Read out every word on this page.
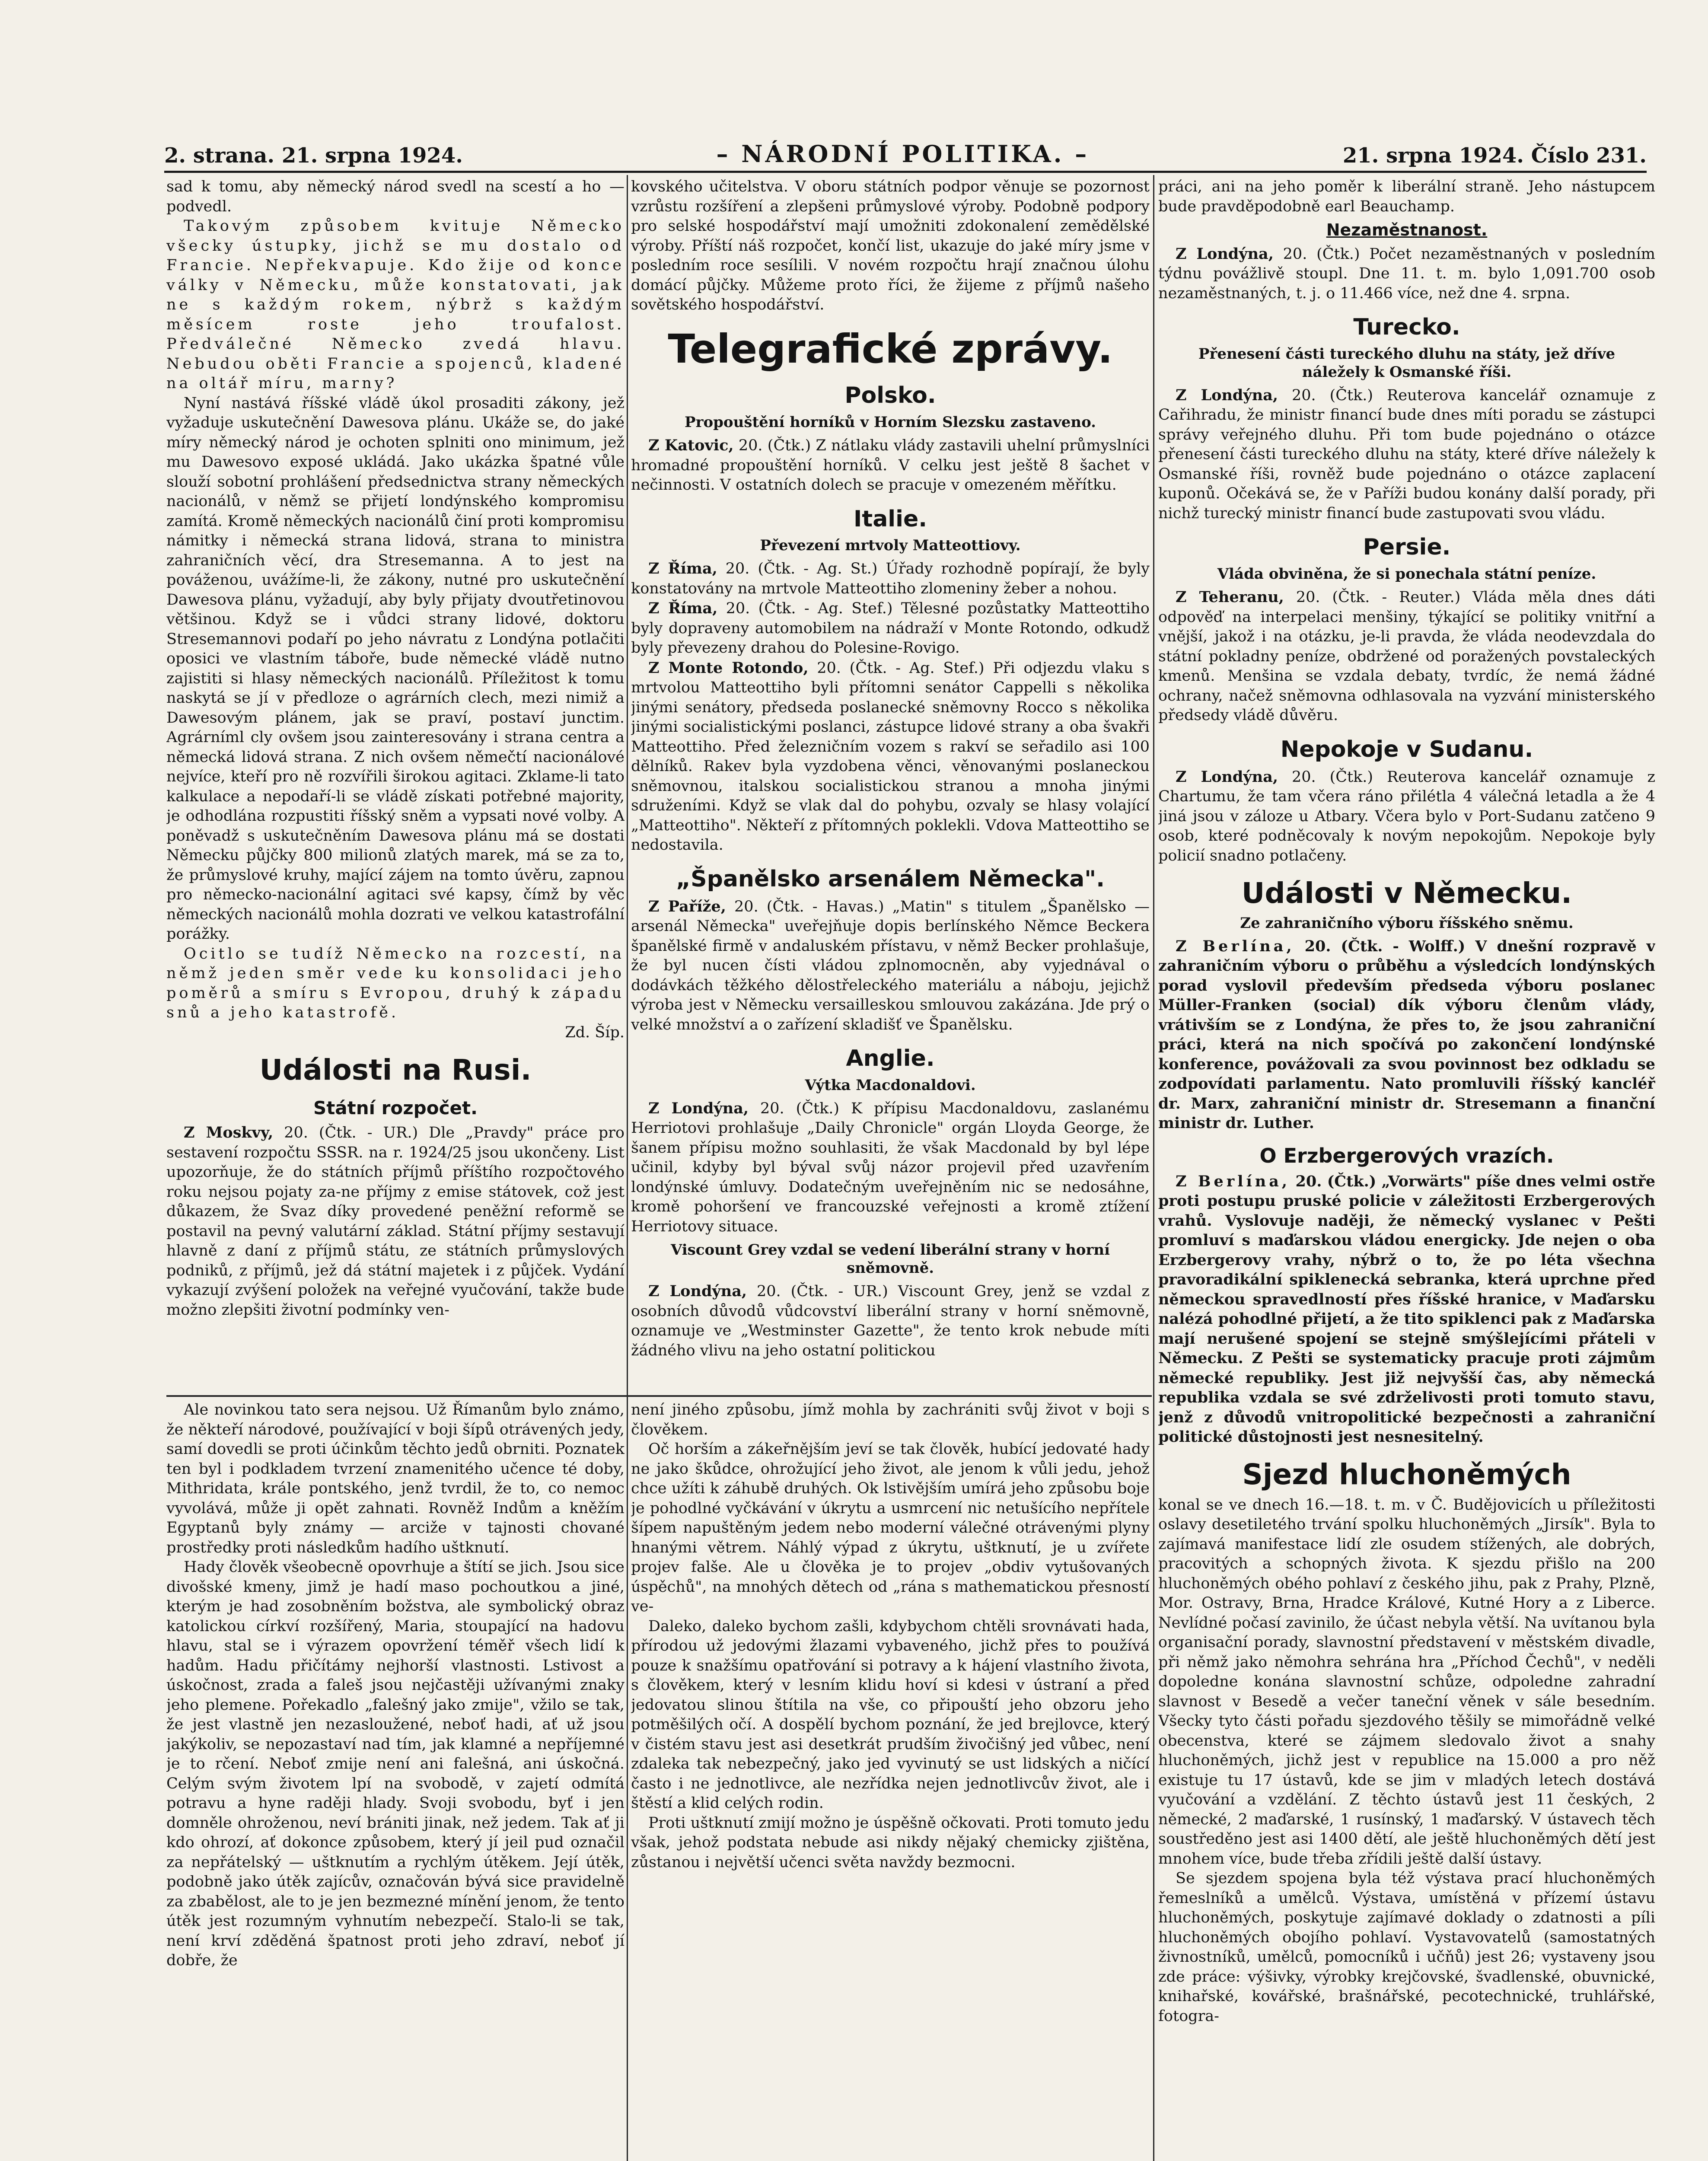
2. strana. 21. srpna 1924.	– NÁRODNÍ POLITIKA. –	21. srpna 1924. Číslo 231.

sad k tomu, aby německý národ svedl na scestí a ho — podvedl.

Takovým způsobem kvituje Německo všecky ústupky, jichž se mu dostalo od Francie. Nepřekvapuje. Kdo žije od konce války v Německu, může konstatovati, jak ne s každým rokem, nýbrž s každým měsícem roste jeho troufalost. Předválečné Německo zvedá hlavu. Nebudou oběti Francie a spojenců, kladené na oltář míru, marny?

Nyní nastává říšské vládě úkol prosaditi zákony, jež vyžaduje uskutečnění Dawesova plánu. Ukáže se, do jaké míry německý národ je ochoten splniti ono minimum, jež mu Dawesovo exposé ukládá. Jako ukázka špatné vůle slouží sobotní prohlášení předsednictva strany německých nacionálů, v němž se přijetí londýnského kompromisu zamítá. Kromě německých nacionálů činí proti kompromisu námitky i německá strana lidová, strana to ministra zahraničních věcí, dra Stresemanna. A to jest na pováženou, uvážíme-li, že zákony, nutné pro uskutečnění Dawesova plánu, vyžadují, aby byly přijaty dvoutřetinovou většinou. Když se i vůdci strany lidové, doktoru Stresemannovi podaří po jeho návratu z Londýna potlačiti oposici ve vlastním táboře, bude německé vládě nutno zajistiti si hlasy německých nacionálů. Příležitost k tomu naskytá se jí v předloze o agrárních clech, mezi nimiž a Dawesovým plánem, jak se praví, postaví junctim. Agrárníml cly ovšem jsou zainteresovány i strana centra a německá lidová strana. Z nich ovšem němečtí nacionálové nejvíce, kteří pro ně rozvířili širokou agitaci. Zklame-li tato kalkulace a nepodaří-li se vládě získati potřebné majority, je odhodlána rozpustiti říšský sněm a vypsati nové volby. A poněvadž s uskutečněním Dawesova plánu má se dostati Německu půjčky 800 milionů zlatých marek, má se za to, že průmyslové kruhy, mající zájem na tomto úvěru, zapnou pro německo-nacionální agitaci své kapsy, čímž by věc německých nacionálů mohla dozrati ve velkou katastrofální porážky.

Ocitlo se tudíž Německo na rozcestí, na němž jeden směr vede ku konsolidaci jeho poměrů a smíru s Evropou, druhý k západu snů a jeho katastrofě.

Zd. Šíp.

Události na Rusi.
Státní rozpočet.

Z Moskvy, 20. (Čtk. - UR.) Dle „Pravdy" práce pro sestavení rozpočtu SSSR. na r. 1924/25 jsou ukončeny. List upozorňuje, že do státních příjmů příštího rozpočtového roku nejsou pojaty za-ne příjmy z emise státovek, což jest důkazem, že Svaz díky provedené peněžní reformě se postavil na pevný valutární základ. Státní příjmy sestavují hlavně z daní z příjmů státu, ze státních průmyslových podniků, z příjmů, jež dá státní majetek i z půjček. Vydání vykazují zvýšení položek na veřejné vyučování, takže bude možno zlepšiti životní podmínky ven-

kovského učitelstva. V oboru státních podpor věnuje se pozornost vzrůstu rozšíření a zlepšeni průmyslové výroby. Podobně podpory pro selské hospodářství mají umožniti zdokonalení zemědělské výroby. Příští náš rozpočet, končí list, ukazuje do jaké míry jsme v posledním roce sesílili. V novém rozpočtu hrají značnou úlohu domácí půjčky. Můžeme proto říci, že žijeme z příjmů našeho sovětského hospodářství.

Telegrafické zprávy.
Polsko.
Propouštění horníků v Horním Slezsku zastaveno.

Z Katovic, 20. (Čtk.) Z nátlaku vlády zastavili uhelní průmyslníci hromadné propouštění horníků. V celku jest ještě 8 šachet v nečinnosti. V ostatních dolech se pracuje v omezeném měřítku.

Italie.
Převezení mrtvoly Matteottiovy.

Z Říma, 20. (Čtk. - Ag. St.) Úřady rozhodně popírají, že byly konstatovány na mrtvole Matteottiho zlomeniny žeber a nohou.

Z Říma, 20. (Čtk. - Ag. Stef.) Tělesné pozůstatky Matteottiho byly dopraveny automobilem na nádraží v Monte Rotondo, odkudž byly převezeny drahou do Polesine-Rovigo.

Z Monte Rotondo, 20. (Čtk. - Ag. Stef.) Při odjezdu vlaku s mrtvolou Matteottiho byli přítomni senátor Cappelli s několika jinými senátory, předseda poslanecké sněmovny Rocco s několika jinými socialistickými poslanci, zástupce lidové strany a oba švakři Matteottiho. Před železničním vozem s rakví se seřadilo asi 100 dělníků. Rakev byla vyzdobena věnci, věnovanými poslaneckou sněmovnou, italskou socialistickou stranou a mnoha jinými sdruženími. Když se vlak dal do pohybu, ozvaly se hlasy volající „Matteottiho". Někteří z přítomných poklekli. Vdova Matteottiho se nedostavila.

„Španělsko arsenálem Německa".

Z Paříže, 20. (Čtk. - Havas.) „Matin" s titulem „Španělsko — arsenál Německa" uveřejňuje dopis berlínského Němce Beckera španělské firmě v andaluském přístavu, v němž Becker prohlašuje, že byl nucen čísti vládou zplnomocněn, aby vyjednával o dodávkách těžkého dělostřeleckého materiálu a náboju, jejichž výroba jest v Německu versailleskou smlouvou zakázána. Jde prý o velké množství a o zařízení skladišť ve Španělsku.

Anglie.
Výtka Macdonaldovi.

Z Londýna, 20. (Čtk.) K přípisu Macdonaldovu, zaslanému Herriotovi prohlašuje „Daily Chronicle" orgán Lloyda George, že šanem přípisu možno souhlasiti, že však Macdonald by byl lépe učinil, kdyby byl býval svůj názor projevil před uzavřením londýnské úmluvy. Dodatečným uveřejněním nic se nedosáhne, kromě pohoršení ve francouzské veřejnosti a kromě ztížení Herriotovy situace.

Viscount Grey vzdal se vedení liberální strany v horní sněmovně.

Z Londýna, 20. (Čtk. - UR.) Viscount Grey, jenž se vzdal z osobních důvodů vůdcovství liberální strany v horní sněmovně, oznamuje ve „Westminster Gazette", že tento krok nebude míti žádného vlivu na jeho ostatní politickou

práci, ani na jeho poměr k liberální straně. Jeho nástupcem bude pravděpodobně earl Beauchamp.

Nezaměstnanost.

Z Londýna, 20. (Čtk.) Počet nezaměstnaných v posledním týdnu povážlivě stoupl. Dne 11. t. m. bylo 1,091.700 osob nezaměstnaných, t. j. o 11.466 více, než dne 4. srpna.

Turecko.
Přenesení části tureckého dluhu na státy, jež dříve náležely k Osmanské říši.

Z Londýna, 20. (Čtk.) Reuterova kancelář oznamuje z Cařihradu, že ministr financí bude dnes míti poradu se zástupci správy veřejného dluhu. Při tom bude pojednáno o otázce přenesení části tureckého dluhu na státy, které dříve náležely k Osmanské říši, rovněž bude pojednáno o otázce zaplacení kuponů. Očekává se, že v Paříži budou konány další porady, při nichž turecký ministr financí bude zastupovati svou vládu.

Persie.
Vláda obviněna, že si ponechala státní peníze.

Z Teheranu, 20. (Čtk. - Reuter.) Vláda měla dnes dáti odpověď na interpelaci menšiny, týkající se politiky vnitřní a vnější, jakož i na otázku, je-li pravda, že vláda neodevzdala do státní pokladny peníze, obdržené od poražených povstaleckých kmenů. Menšina se vzdala debaty, tvrdíc, že nemá žádné ochrany, načež sněmovna odhlasovala na vyzvání ministerského předsedy vládě důvěru.

Nepokoje v Sudanu.

Z Londýna, 20. (Čtk.) Reuterova kancelář oznamuje z Chartumu, že tam včera ráno přilétla 4 válečná letadla a že 4 jiná jsou v záloze u Atbary. Včera bylo v Port-Sudanu zatčeno 9 osob, které podněcovaly k novým nepokojům. Nepokoje byly policií snadno potlačeny.

Události v Německu.
Ze zahraničního výboru říšského sněmu.

Z Berlína, 20. (Čtk. - Wolff.) V dnešní rozpravě v zahraničním výboru o průběhu a výsledcích londýnských porad vyslovil především předseda výboru poslanec Müller-Franken (social) dík výboru členům vlády, vrátivším se z Londýna, že přes to, že jsou zahraniční práci, která na nich spočívá po zakončení londýnské konference, povážovali za svou povinnost bez odkladu se zodpovídati parlamentu. Nato promluvili říšský kancléř dr. Marx, zahraniční ministr dr. Stresemann a finanční ministr dr. Luther.

O Erzbergerových vrazích.

Z Berlína, 20. (Čtk.) „Vorwärts" píše dnes velmi ostře proti postupu pruské policie v záležitosti Erzbergerových vrahů. Vyslovuje naději, že německý vyslanec v Pešti promluví s maďarskou vládou energicky. Jde nejen o oba Erzbergerovy vrahy, nýbrž o to, že po léta všechna pravoradikální spiklenecká sebranka, která uprchne před německou spravedlností přes říšské hranice, v Maďarsku nalézá pohodlné přijetí, a že tito spiklenci pak z Maďarska mají nerušené spojení se stejně smýšlejícími přáteli v Německu. Z Pešti se systematicky pracuje proti zájmům německé republiky. Jest již nejvyšší čas, aby německá republika vzdala se své zdrželivosti proti tomuto stavu, jenž z důvodů vnitropolitické bezpečnosti a zahraniční politické důstojnosti jest nesnesitelný.

Sjezd hluchoněmých

konal se ve dnech 16.—18. t. m. v Č. Budějovicích u příležitosti oslavy desetiletého trvání spolku hluchoněmých „Jirsík". Byla to zajímavá manifestace lidí zle osudem stížených, ale dobrých, pracovitých a schopných života. K sjezdu přišlo na 200 hluchoněmých obého pohlaví z českého jihu, pak z Prahy, Plzně, Mor. Ostravy, Brna, Hradce Králové, Kutné Hory a z Liberce. Nevlídné počasí zavinilo, že účast nebyla větší. Na uvítanou byla organisační porady, slavnostní představení v městském divadle, při němž jako němohra sehrána hra „Příchod Čechů", v neděli dopoledne konána slavnostní schůze, odpoledne zahradní slavnost v Besedě a večer taneční věnek v sále besedním. Všecky tyto části pořadu sjezdového těšily se mimořádně velké obecenstva, které se zájmem sledovalo život a snahy hluchoněmých, jichž jest v republice na 15.000 a pro něž existuje tu 17 ústavů, kde se jim v mladých letech dostává vyučování a vzdělání. Z těchto ústavů jest 11 českých, 2 německé, 2 maďarské, 1 rusínský, 1 maďarský. V ústavech těch soustředěno jest asi 1400 dětí, ale ještě hluchoněmých dětí jest mnohem více, bude třeba zřídili ještě další ústavy.

Se sjezdem spojena byla též výstava prací hluchoněmých řemeslníků a umělců. Výstava, umístěná v přízemí ústavu hluchoněmých, poskytuje zajímavé doklady o zdatnosti a píli hluchoněmých obojího pohlaví. Vystavovatelů (samostatných živnostníků, umělců, pomocníků i učňů) jest 26; vystaveny jsou zde práce: výšivky, výrobky krejčovské, švadlenské, obuvnické, knihařské, kovářské, brašnářské, pecotechnické, truhlářské, fotogra-

Ale novinkou tato sera nejsou. Už Římanům bylo známo, že někteří národové, používající v boji šípů otrávených jedy, samí dovedli se proti účinkům těchto jedů obrniti. Poznatek ten byl i podkladem tvrzení znamenitého učence té doby, Mithridata, krále pontského, jenž tvrdil, že to, co nemoc vyvolává, může ji opět zahnati. Rovněž Indům a kněžím Egyptanů byly známy — arciže v tajnosti chované prostředky proti následkům hadího uštknutí.

Hady člověk všeobecně opovrhuje a štítí se jich. Jsou sice divošské kmeny, jimž je hadí maso pochoutkou a jiné, kterým je had zosobněním božstva, ale symbolický obraz katolickou církví rozšířený, Maria, stoupající na hadovu hlavu, stal se i výrazem opovržení téměř všech lidí k hadům. Hadu přičítámy nejhorší vlastnosti. Lstivost a úskočnost, zrada a faleš jsou nejčastěji užívanými znaky jeho plemene. Pořekadlo „falešný jako zmije", vžilo se tak, že jest vlastně jen nezasloužené, neboť hadi, ať už jsou jakýkoliv, se nepozastaví nad tím, jak klamné a nepříjemné je to rčení. Neboť zmije není ani falešná, ani úskočná. Celým svým životem lpí na svobodě, v zajetí odmítá potravu a hyne raději hlady. Svoji svobodu, byť i jen domněle ohroženou, neví brániti jinak, než jedem. Tak ať ji kdo ohrozí, ať dokonce způsobem, který jí jeil pud označil za nepřátelský — uštknutím a rychlým útěkem. Její útěk, podobně jako útěk zajícův, označován bývá sice pravidelně za zbabělost, ale to je jen bezmezné mínění jenom, že tento útěk jest rozumným vyhnutím nebezpečí. Stalo-li se tak, není krví zděděná špatnost proti jeho zdraví, neboť jí dobře, že

není jiného způsobu, jímž mohla by zachrániti svůj život v boji s člověkem.

Oč horším a zákeřnějším jeví se tak člověk, hubící jedovaté hady ne jako škůdce, ohrožující jeho život, ale jenom k vůli jedu, jehož chce užíti k záhubě druhých. Ok lstivějším umírá jeho způsobu boje je pohodlné vyčkávání v úkrytu a usmrcení nic netušícího nepřítele šípem napuštěným jedem nebo moderní válečné otrávenými plyny hnanými větrem. Náhlý výpad z úkrytu, uštknutí, je u zvířete projev falše. Ale u člověka je to projev „obdiv vytušovaných úspěchů", na mnohých dětech od „rána s mathematickou přesností ve-

Daleko, daleko bychom zašli, kdybychom chtěli srovnávati hada, přírodou už jedovými žlazami vybaveného, jichž přes to používá pouze k snažšímu opatřování si potravy a k hájení vlastního života, s člověkem, který v lesním klidu hoví si kdesi v ústraní a před jedovatou slinou štítila na vše, co připouští jeho obzoru jeho potměšilých očí. A dospělí bychom poznání, že jed brejlovce, který v čistém stavu jest asi desetkrát prudším živočišný jed vůbec, není zdaleka tak nebezpečný, jako jed vyvinutý se ust lidských a ničící často i ne jednotlivce, ale nezřídka nejen jednotlivcův život, ale i štěstí a klid celých rodin.

Proti uštknutí zmijí možno je úspěšně očkovati. Proti tomuto jedu však, jehož podstata nebude asi nikdy nějaký chemicky zjištěna, zůstanou i největší učenci světa navždy bezmocni.
